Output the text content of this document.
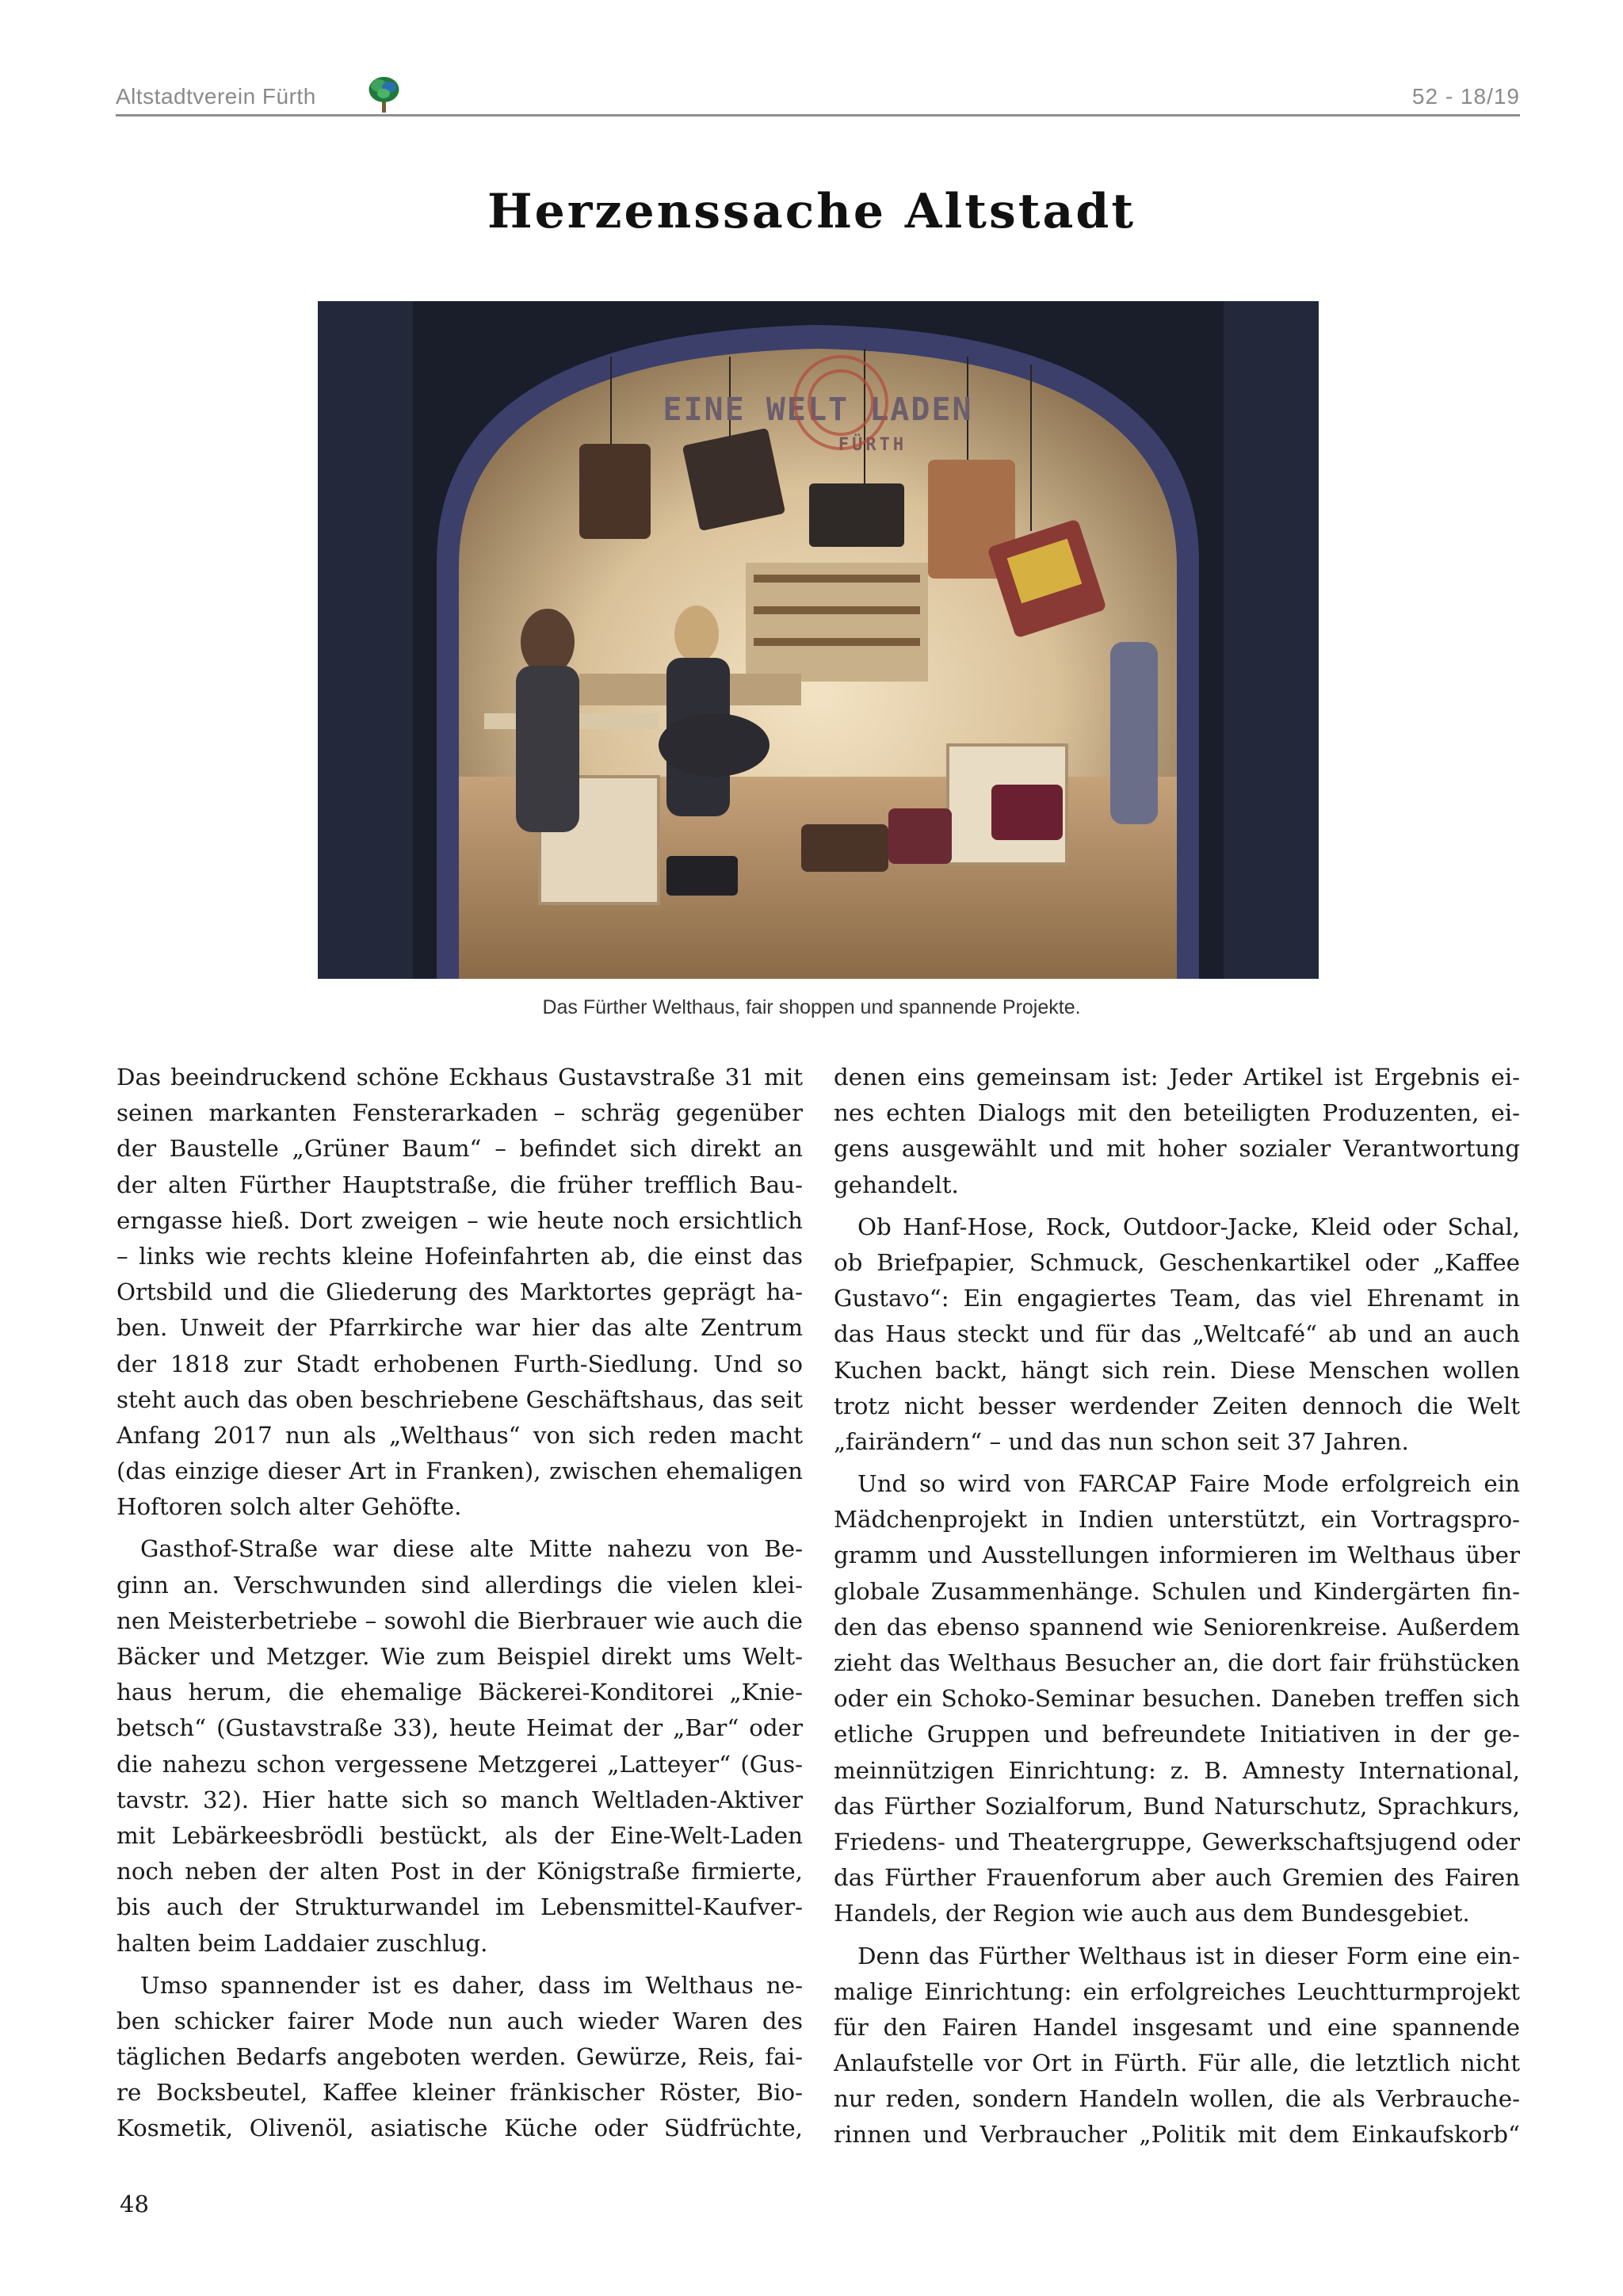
Altstadtverein Fürth	52 - 18/19
Herzenssache Altstadt
EINE WELT LADEN
FÜRTH
Das Fürther Welthaus, fair shoppen und spannende Projekte.
Das beeindruckend schöne Eckhaus Gustavstraße 31 mit
seinen markanten Fensterarkaden – schräg gegenüber
der Baustelle „Grüner Baum“ – befindet sich direkt an
der alten Fürther Hauptstraße, die früher trefflich Bau-
erngasse hieß. Dort zweigen – wie heute noch ersichtlich
– links wie rechts kleine Hofeinfahrten ab, die einst das
Ortsbild und die Gliederung des Marktortes geprägt ha-
ben. Unweit der Pfarrkirche war hier das alte Zentrum
der 1818 zur Stadt erhobenen Furth-Siedlung. Und so
steht auch das oben beschriebene Geschäftshaus, das seit
Anfang 2017 nun als „Welthaus“ von sich reden macht
(das einzige dieser Art in Franken), zwischen ehemaligen
Hoftoren solch alter Gehöfte.
Gasthof-Straße war diese alte Mitte nahezu von Be-
ginn an. Verschwunden sind allerdings die vielen klei-
nen Meisterbetriebe – sowohl die Bierbrauer wie auch die
Bäcker und Metzger. Wie zum Beispiel direkt ums Welt-
haus herum, die ehemalige Bäckerei-Konditorei „Knie-
betsch“ (Gustavstraße 33), heute Heimat der „Bar“ oder
die nahezu schon vergessene Metzgerei „Latteyer“ (Gus-
tavstr. 32). Hier hatte sich so manch Weltladen-Aktiver
mit Lebärkeesbrödli bestückt, als der Eine-Welt-Laden
noch neben der alten Post in der Königstraße firmierte,
bis auch der Strukturwandel im Lebensmittel-Kaufver-
halten beim Laddaier zuschlug.
Umso spannender ist es daher, dass im Welthaus ne-
ben schicker fairer Mode nun auch wieder Waren des
täglichen Bedarfs angeboten werden. Gewürze, Reis, fai-
re Bocksbeutel, Kaffee kleiner fränkischer Röster, Bio-
Kosmetik, Olivenöl, asiatische Küche oder Südfrüchte,
denen eins gemeinsam ist: Jeder Artikel ist Ergebnis ei-
nes echten Dialogs mit den beteiligten Produzenten, ei-
gens ausgewählt und mit hoher sozialer Verantwortung
gehandelt.
Ob Hanf-Hose, Rock, Outdoor-Jacke, Kleid oder Schal,
ob Briefpapier, Schmuck, Geschenkartikel oder „Kaffee
Gustavo“: Ein engagiertes Team, das viel Ehrenamt in
das Haus steckt und für das „Weltcafé“ ab und an auch
Kuchen backt, hängt sich rein. Diese Menschen wollen
trotz nicht besser werdender Zeiten dennoch die Welt
„fairändern“ – und das nun schon seit 37 Jahren.
Und so wird von FARCAP Faire Mode erfolgreich ein
Mädchenprojekt in Indien unterstützt, ein Vortragspro-
gramm und Ausstellungen informieren im Welthaus über
globale Zusammenhänge. Schulen und Kindergärten fin-
den das ebenso spannend wie Seniorenkreise. Außerdem
zieht das Welthaus Besucher an, die dort fair frühstücken
oder ein Schoko-Seminar besuchen. Daneben treffen sich
etliche Gruppen und befreundete Initiativen in der ge-
meinnützigen Einrichtung: z. B. Amnesty International,
das Fürther Sozialforum, Bund Naturschutz, Sprachkurs,
Friedens- und Theatergruppe, Gewerkschaftsjugend oder
das Fürther Frauenforum aber auch Gremien des Fairen
Handels, der Region wie auch aus dem Bundesgebiet.
Denn das Fürther Welthaus ist in dieser Form eine ein-
malige Einrichtung: ein erfolgreiches Leuchtturmprojekt
für den Fairen Handel insgesamt und eine spannende
Anlaufstelle vor Ort in Fürth. Für alle, die letztlich nicht
nur reden, sondern Handeln wollen, die als Verbrauche-
rinnen und Verbraucher „Politik mit dem Einkaufskorb“
48
